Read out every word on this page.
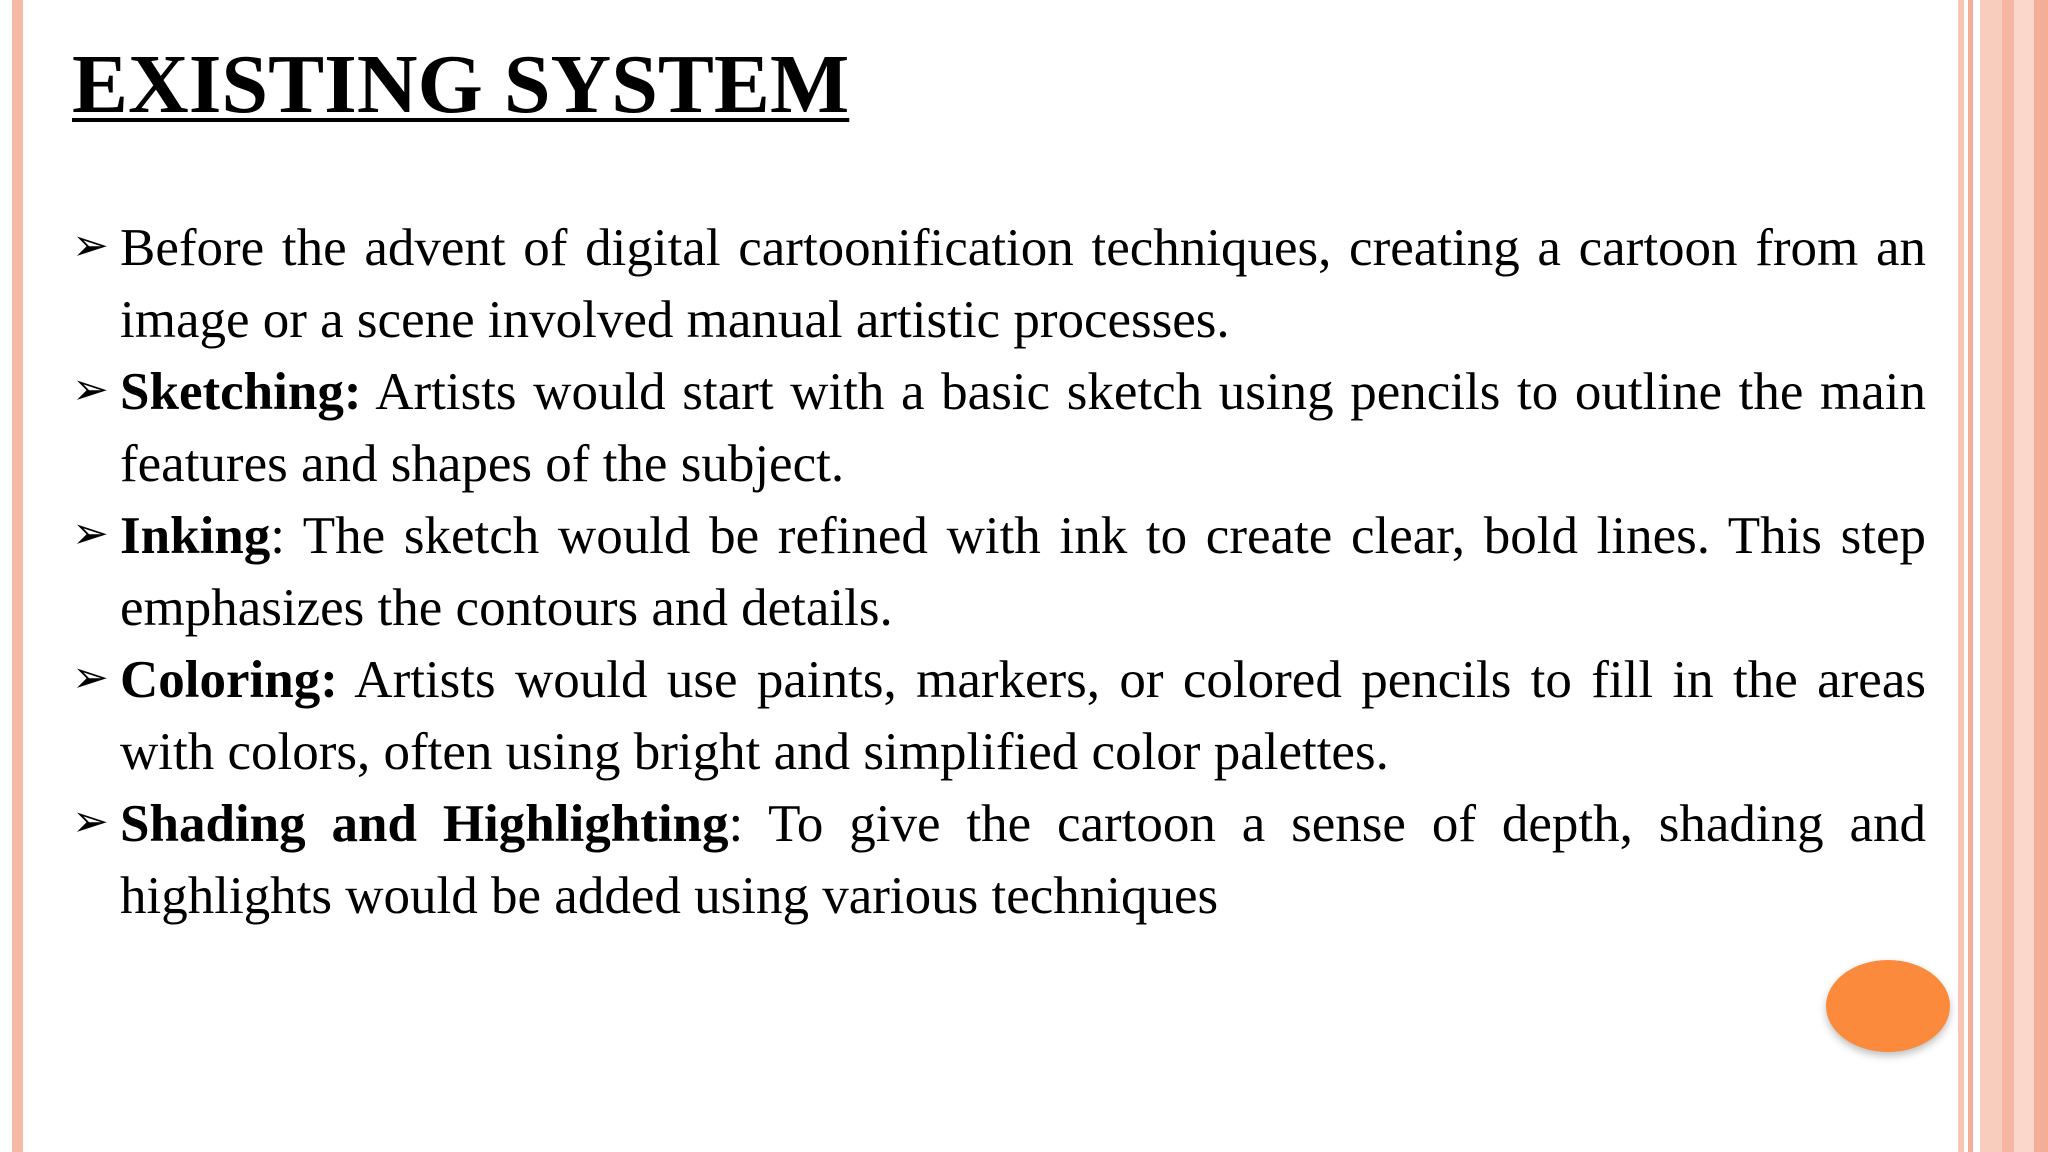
EXISTING SYSTEM
➢ Before the advent of digital cartoonification techniques, creating a cartoon from an image or a scene involved manual artistic processes.
➢ Sketching: Artists would start with a basic sketch using pencils to outline the main features and shapes of the subject.
➢ Inking: The sketch would be refined with ink to create clear, bold lines. This step emphasizes the contours and details.
➢ Coloring: Artists would use paints, markers, or colored pencils to fill in the areas with colors, often using bright and simplified color palettes.
➢ Shading and Highlighting: To give the cartoon a sense of depth, shading and highlights would be added using various techniques
